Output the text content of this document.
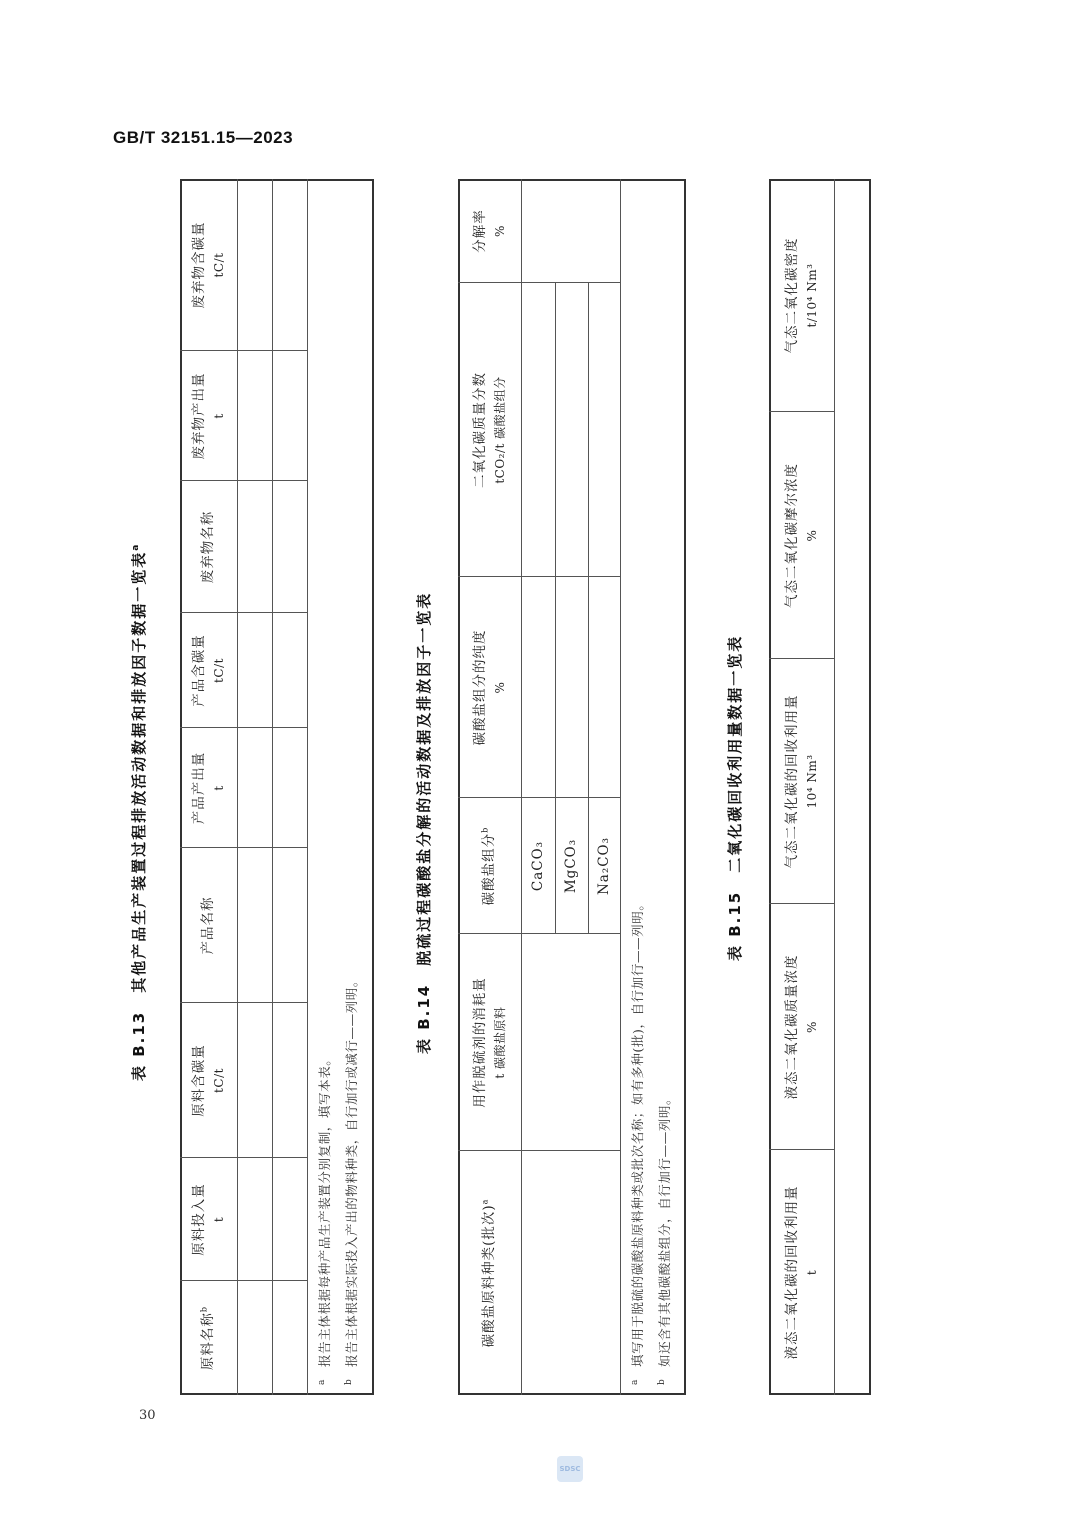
GB/T 32151.15—2023
表 B.13其他产品生产装置过程排放活动数据和排放因子数据一览表$^a$
原料名称$^b$
原料投入量 t
原料含碳量 tC/t
产品名称
产品产出量 t
产品含碳量 tC/t
废弃物名称
废弃物产出量 t
废弃物含碳量 tC/t
a报告主体根据每种产品生产装置分别复制，填写本表。
b报告主体根据实际投入产出的物料种类，自行加行或减行——列明。	表 B.14脱硫过程碳酸盐分解的活动数据及排放因子一览表
碳酸盐原料种类(批次)$^a$
用作脱硫剂的消耗量 t 碳酸盐原料
碳酸盐组分$^b$
碳酸盐组分的纯度 %
二氧化碳质量分数 tCO₂/t 碳酸盐组分
分解率 %
CaCO₃ MgCO₃ Na₂CO₃
a填写用于脱硫的碳酸盐原料种类或批次名称；如有多种(批)，自行加行——列明。
b如还含有其他碳酸盐组分，自行加行——列明。
表 B.15二氧化碳回收利用量数据一览表
液态二氧化碳的回收利用量 t
液态二氧化碳质量浓度 %
气态二氧化碳的回收利用量 10⁴ Nm³
气态二氧化碳摩尔浓度 %
气态二氧化碳密度 t/10⁴ Nm³
30
SDSC
